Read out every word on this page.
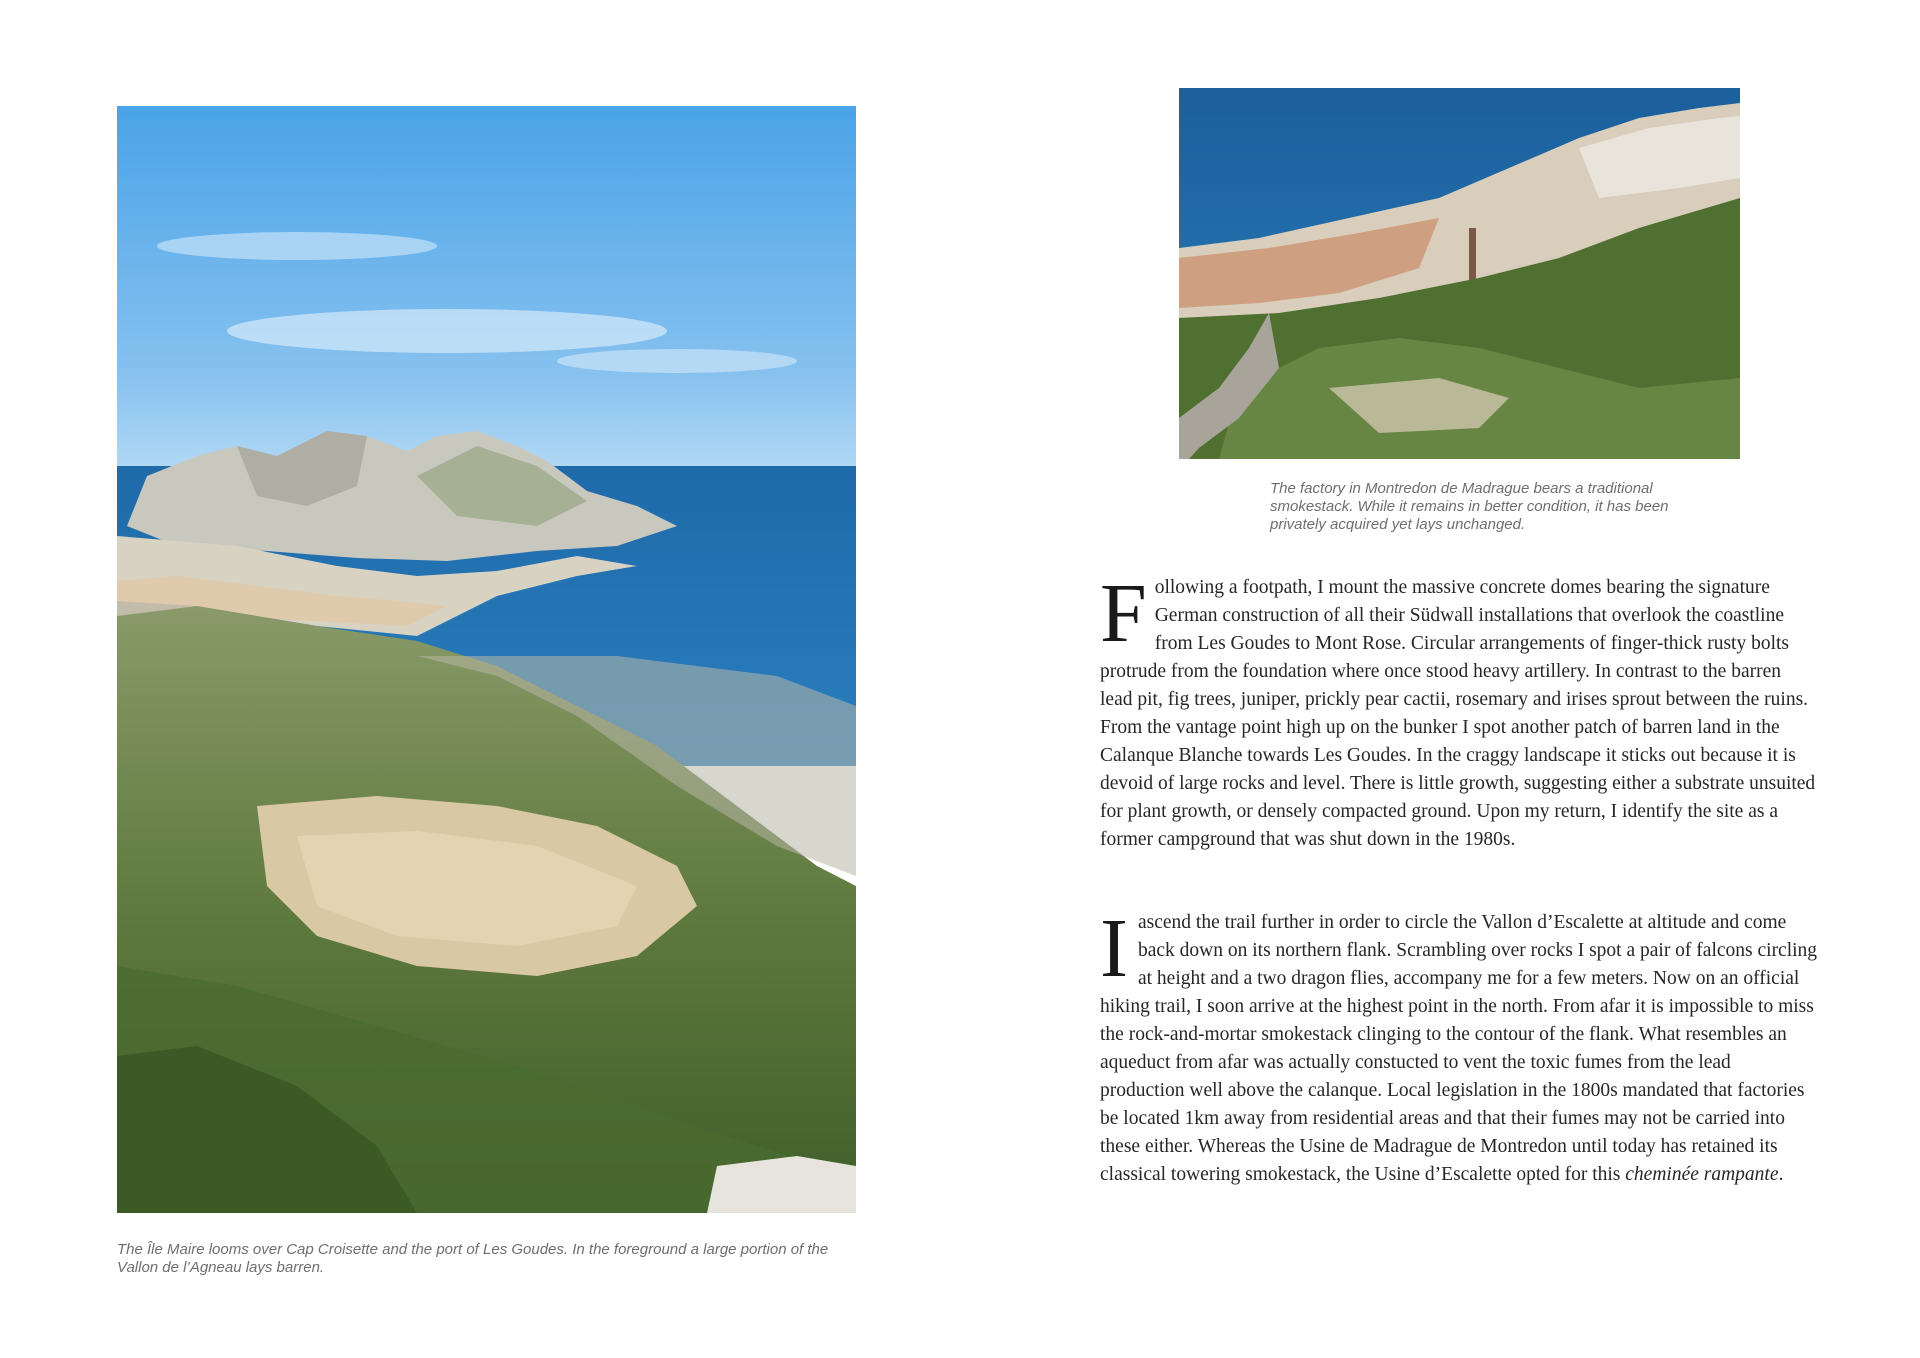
The Île Maire looms over Cap Croisette and the port of Les Goudes. In the foreground a large portion of the Vallon de l’Agneau lays barren.

The factory in Montredon de Madrague bears a traditional smokestack. While it remains in better condition, it has been privately acquired yet lays unchanged.

Following a footpath, I mount the massive concrete domes bearing the signature German construction of all their Südwall installations that overlook the coastline from Les Goudes to Mont Rose. Circular arrangements of finger-thick rusty bolts protrude from the foundation where once stood heavy artillery. In contrast to the barren lead pit, fig trees, juniper, prickly pear cactii, rosemary and irises sprout between the ruins. From the vantage point high up on the bunker I spot another patch of barren land in the Calanque Blanche towards Les Goudes. In the craggy landscape it sticks out because it is devoid of large rocks and level. There is little growth, suggesting either a substrate unsuited for plant growth, or densely compacted ground. Upon my return, I identify the site as a former campground that was shut down in the 1980s.

Iascend the trail further in order to circle the Vallon d’Escalette at altitude and come back down on its northern flank. Scrambling over rocks I spot a pair of falcons circling at height and a two dragon flies, accompany me for a few meters. Now on an official hiking trail, I soon arrive at the highest point in the north. From afar it is impossible to miss the rock-and-mortar smokestack clinging to the contour of the flank. What resembles an aqueduct from afar was actually constucted to vent the toxic fumes from the lead production well above the calanque. Local legislation in the 1800s mandated that factories be located 1km away from residential areas and that their fumes may not be carried into these either. Whereas the Usine de Madrague de Montredon until today has retained its classical towering smokestack, the Usine d’Escalette opted for this cheminée rampante.
